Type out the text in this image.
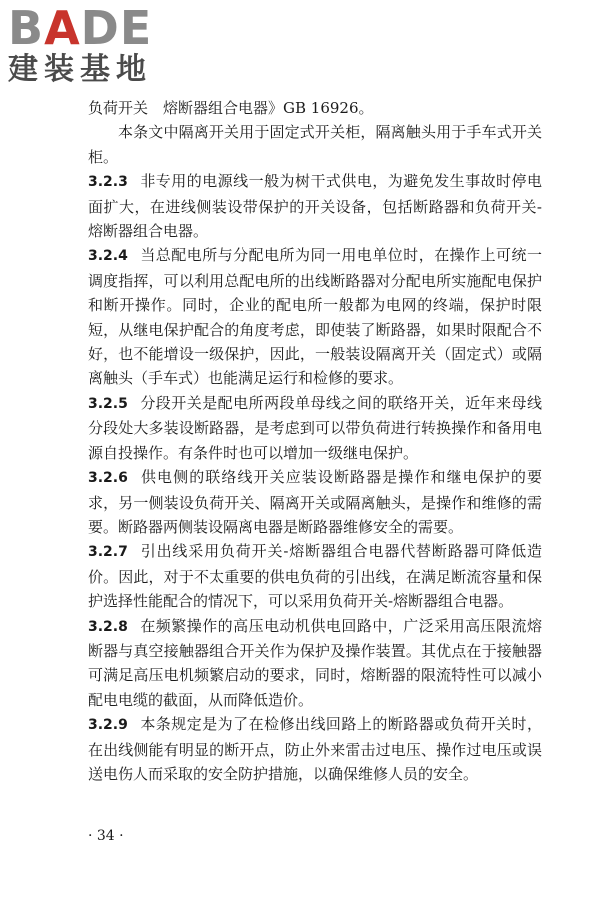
BADE
建装基地

负荷开关　熔断器组合电器》GB 16926。

本条文中隔离开关用于固定式开关柜，隔离触头用于手车式开关柜。

3.2.3 非专用的电源线一般为树干式供电，为避免发生事故时停电面扩大，在进线侧装设带保护的开关设备，包括断路器和负荷开关-熔断器组合电器。

3.2.4 当总配电所与分配电所为同一用电单位时，在操作上可统一调度指挥，可以利用总配电所的出线断路器对分配电所实施配电保护和断开操作。同时，企业的配电所一般都为电网的终端，保护时限短，从继电保护配合的角度考虑，即使装了断路器，如果时限配合不好，也不能增设一级保护，因此，一般装设隔离开关（固定式）或隔离触头（手车式）也能满足运行和检修的要求。

3.2.5 分段开关是配电所两段单母线之间的联络开关，近年来母线分段处大多装设断路器，是考虑到可以带负荷进行转换操作和备用电源自投操作。有条件时也可以增加一级继电保护。

3.2.6 供电侧的联络线开关应装设断路器是操作和继电保护的要求，另一侧装设负荷开关、隔离开关或隔离触头，是操作和维修的需要。断路器两侧装设隔离电器是断路器维修安全的需要。

3.2.7 引出线采用负荷开关-熔断器组合电器代替断路器可降低造价。因此，对于不太重要的供电负荷的引出线，在满足断流容量和保护选择性能配合的情况下，可以采用负荷开关-熔断器组合电器。

3.2.8 在频繁操作的高压电动机供电回路中，广泛采用高压限流熔断器与真空接触器组合开关作为保护及操作装置。其优点在于接触器可满足高压电机频繁启动的要求，同时，熔断器的限流特性可以减小配电电缆的截面，从而降低造价。

3.2.9 本条规定是为了在检修出线回路上的断路器或负荷开关时，在出线侧能有明显的断开点，防止外来雷击过电压、操作过电压或误送电伤人而采取的安全防护措施，以确保维修人员的安全。

· 34 ·
